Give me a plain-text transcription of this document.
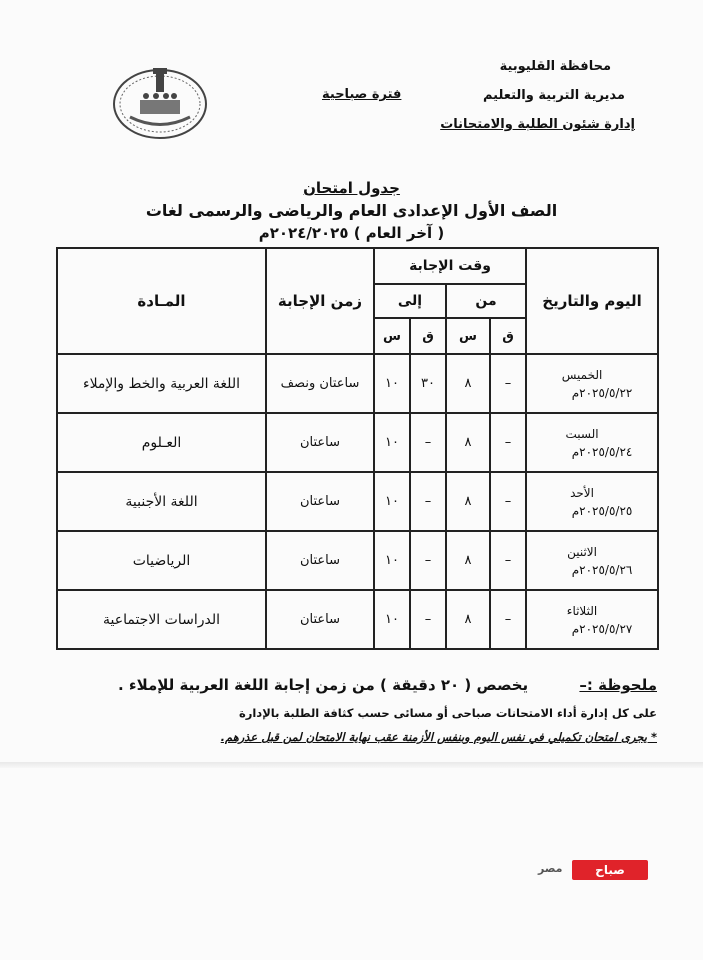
محافظة القليوبية
مديرية التربية والتعليم
إدارة شئون الطلبة والامتحانات
فترة صباحية
جدول امتحان
الصف الأول الإعدادى العام والرياضى والرسمى لغات
( آخر العام ) ٢٠٢٤/٢٠٢٥م
اليوم والتاريخ	وقت الإجابة				زمن الإجابة	المـادة
	من		إلى			
	ق	س	ق	س		

الخميس
٢٠٢٥/٥/٢٢م	–	٨	٣٠	١٠	ساعتان ونصف	اللغة العربية والخط والإملاء

السبت
٢٠٢٥/٥/٢٤م	–	٨	–	١٠	ساعتان	العـلوم

الأحد
٢٠٢٥/٥/٢٥م	–	٨	–	١٠	ساعتان	اللغة الأجنبية

الاثنين
٢٠٢٥/٥/٢٦م	–	٨	–	١٠	ساعتان	الرياضيات

الثلاثاء
٢٠٢٥/٥/٢٧م	–	٨	–	١٠	ساعتان	الدراسات الاجتماعية
ملحوظة :– يخصص ( ٢٠ دقيقة ) من زمن إجابة اللغة العربية للإملاء .
على كل إدارة أداء الامتحانات صباحى أو مسائى حسب كثافة الطلبة بالإدارة
* يجرى امتحان تكميلي في نفس اليوم وبنفس الأزمنة عقب نهاية الامتحان لمن قبل عذرهم.
صباح
مصر
